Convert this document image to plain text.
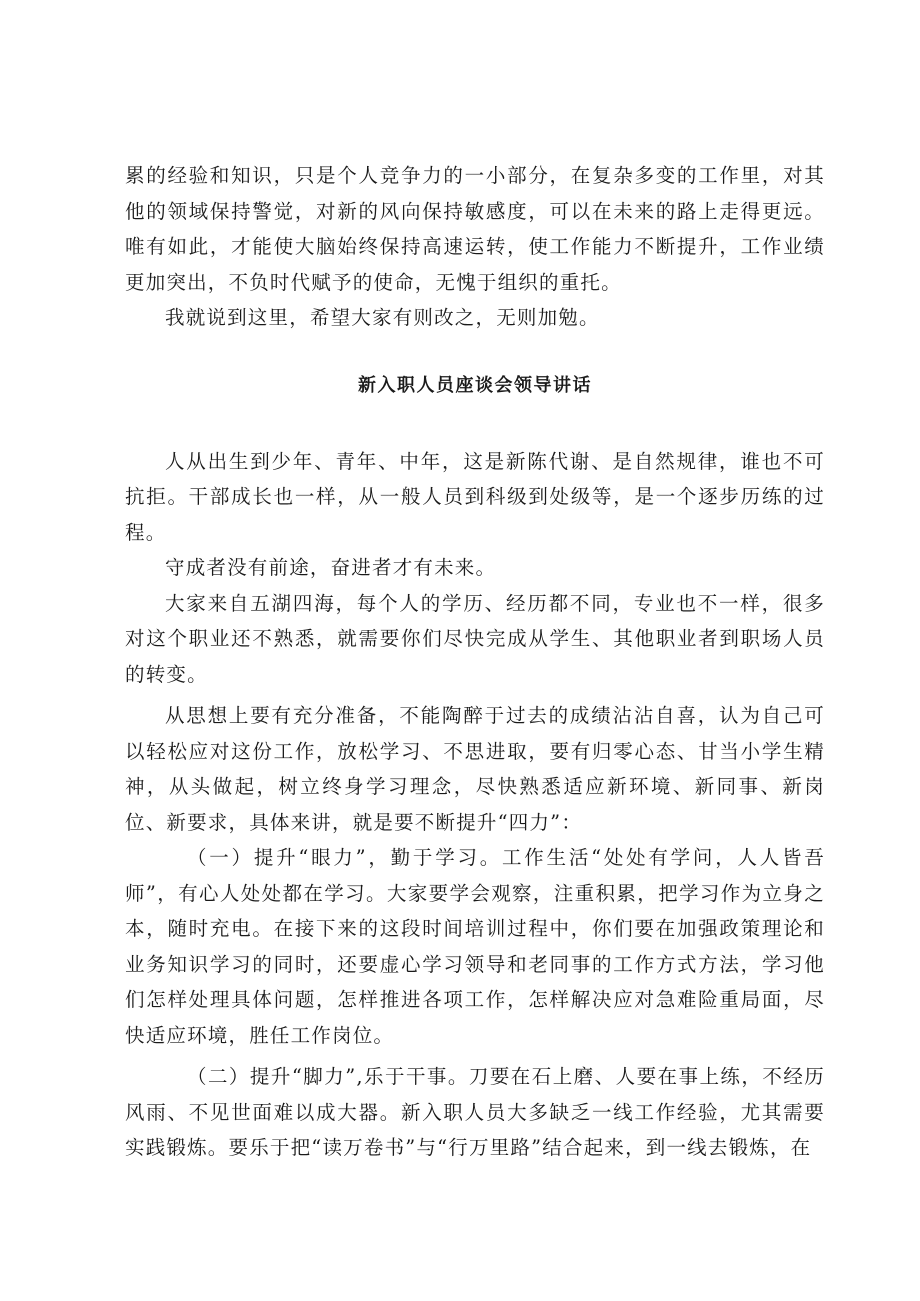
累的经验和知识，只是个人竞争力的一小部分，在复杂多变的工作里，对其他的领域保持警觉，对新的风向保持敏感度，可以在未来的路上走得更远。唯有如此，才能使大脑始终保持高速运转，使工作能力不断提升，工作业绩更加突出，不负时代赋予的使命，无愧于组织的重托。

我就说到这里，希望大家有则改之，无则加勉。

新入职人员座谈会领导讲话

人从出生到少年、青年、中年，这是新陈代谢、是自然规律，谁也不可抗拒。干部成长也一样，从一般人员到科级到处级等，是一个逐步历练的过程。

守成者没有前途，奋进者才有未来。

大家来自五湖四海，每个人的学历、经历都不同，专业也不一样，很多对这个职业还不熟悉，就需要你们尽快完成从学生、其他职业者到职场人员的转变。

从思想上要有充分准备，不能陶醉于过去的成绩沾沾自喜，认为自己可以轻松应对这份工作，放松学习、不思进取，要有归零心态、甘当小学生精神，从头做起，树立终身学习理念，尽快熟悉适应新环境、新同事、新岗位、新要求，具体来讲，就是要不断提升“四力”：

（一）提升“眼力”，勤于学习。工作生活“处处有学问，人人皆吾师”，有心人处处都在学习。大家要学会观察，注重积累，把学习作为立身之本，随时充电。在接下来的这段时间培训过程中，你们要在加强政策理论和业务知识学习的同时，还要虚心学习领导和老同事的工作方式方法，学习他们怎样处理具体问题，怎样推进各项工作，怎样解决应对急难险重局面，尽快适应环境，胜任工作岗位。

（二）提升“脚力”,乐于干事。刀要在石上磨、人要在事上练，不经历风雨、不见世面难以成大器。新入职人员大多缺乏一线工作经验，尤其需要实践锻炼。要乐于把“读万卷书”与“行万里路”结合起来，到一线去锻炼，在
